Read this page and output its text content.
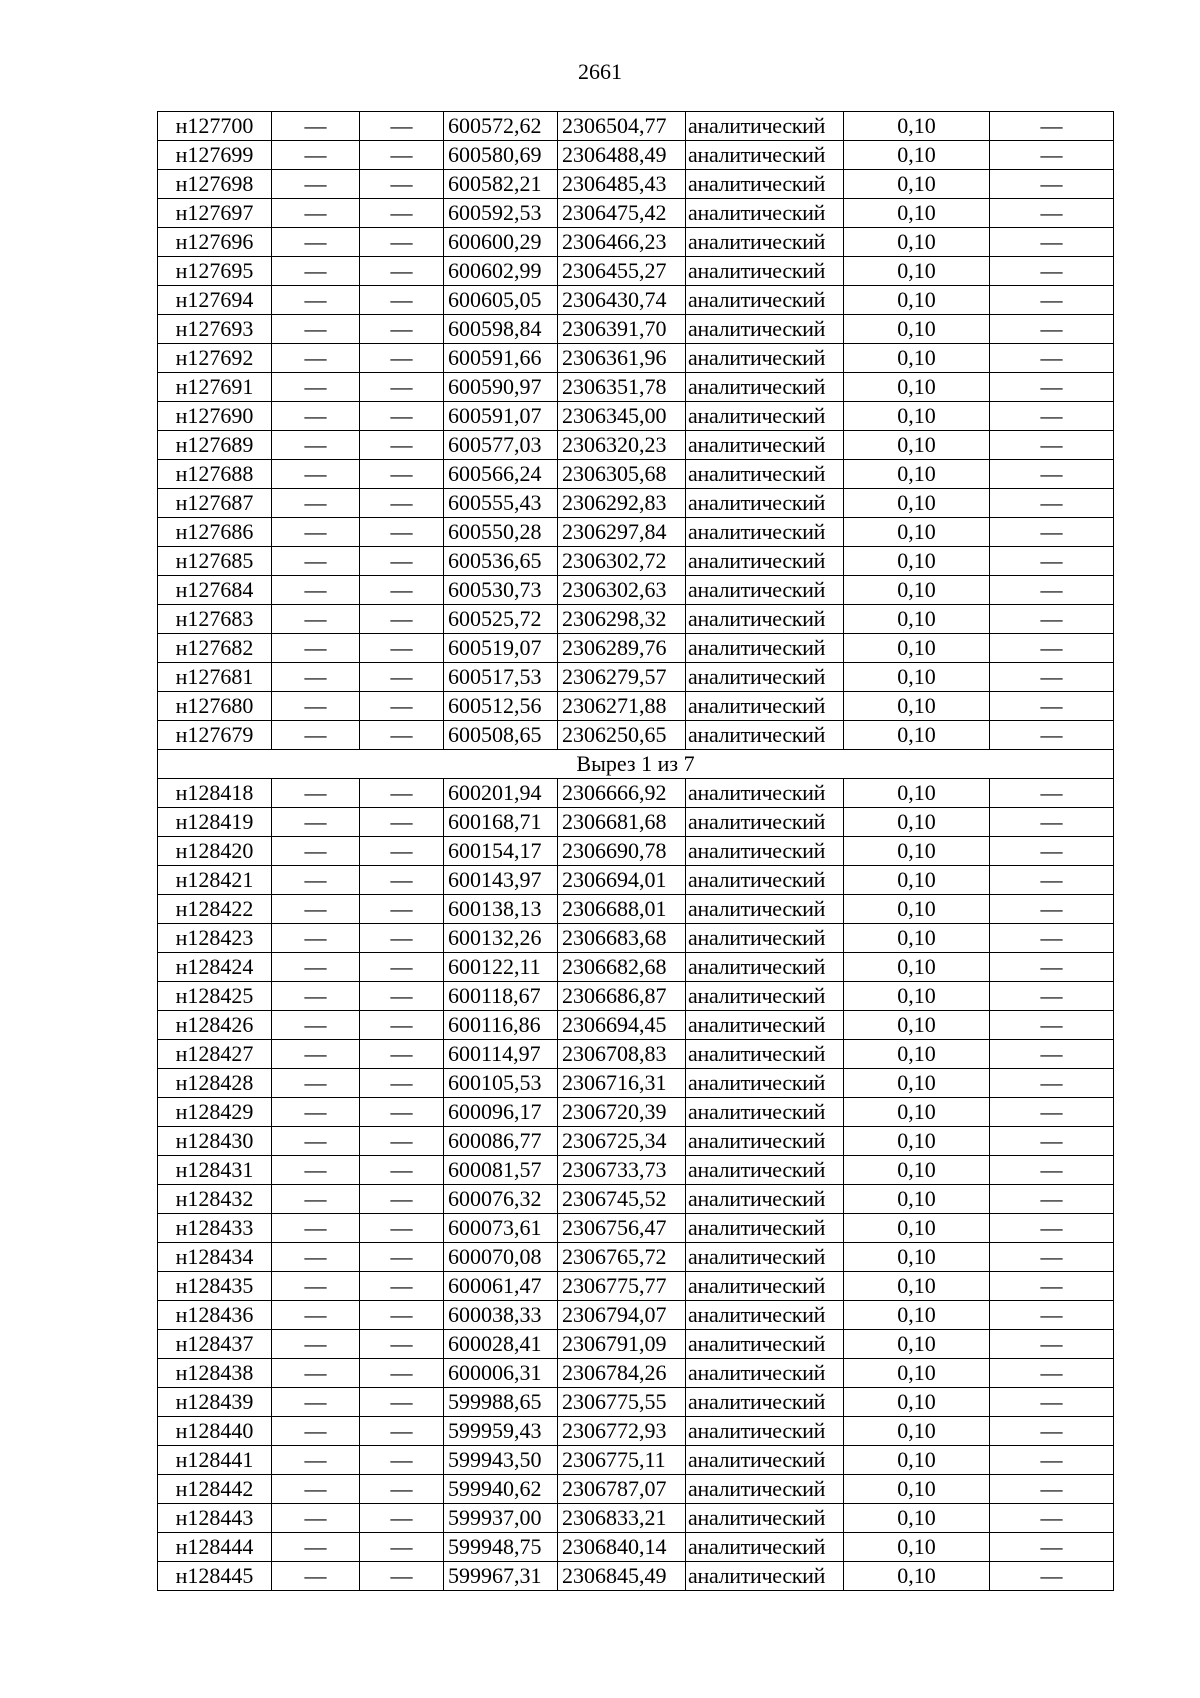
2661
н127700	—	—	600572,62	2306504,77	аналитический	0,10	—
н127699	—	—	600580,69	2306488,49	аналитический	0,10	—
н127698	—	—	600582,21	2306485,43	аналитический	0,10	—
н127697	—	—	600592,53	2306475,42	аналитический	0,10	—
н127696	—	—	600600,29	2306466,23	аналитический	0,10	—
н127695	—	—	600602,99	2306455,27	аналитический	0,10	—
н127694	—	—	600605,05	2306430,74	аналитический	0,10	—
н127693	—	—	600598,84	2306391,70	аналитический	0,10	—
н127692	—	—	600591,66	2306361,96	аналитический	0,10	—
н127691	—	—	600590,97	2306351,78	аналитический	0,10	—
н127690	—	—	600591,07	2306345,00	аналитический	0,10	—
н127689	—	—	600577,03	2306320,23	аналитический	0,10	—
н127688	—	—	600566,24	2306305,68	аналитический	0,10	—
н127687	—	—	600555,43	2306292,83	аналитический	0,10	—
н127686	—	—	600550,28	2306297,84	аналитический	0,10	—
н127685	—	—	600536,65	2306302,72	аналитический	0,10	—
н127684	—	—	600530,73	2306302,63	аналитический	0,10	—
н127683	—	—	600525,72	2306298,32	аналитический	0,10	—
н127682	—	—	600519,07	2306289,76	аналитический	0,10	—
н127681	—	—	600517,53	2306279,57	аналитический	0,10	—
н127680	—	—	600512,56	2306271,88	аналитический	0,10	—
н127679	—	—	600508,65	2306250,65	аналитический	0,10	—
Вырез 1 из 7							
н128418	—	—	600201,94	2306666,92	аналитический	0,10	—
н128419	—	—	600168,71	2306681,68	аналитический	0,10	—
н128420	—	—	600154,17	2306690,78	аналитический	0,10	—
н128421	—	—	600143,97	2306694,01	аналитический	0,10	—
н128422	—	—	600138,13	2306688,01	аналитический	0,10	—
н128423	—	—	600132,26	2306683,68	аналитический	0,10	—
н128424	—	—	600122,11	2306682,68	аналитический	0,10	—
н128425	—	—	600118,67	2306686,87	аналитический	0,10	—
н128426	—	—	600116,86	2306694,45	аналитический	0,10	—
н128427	—	—	600114,97	2306708,83	аналитический	0,10	—
н128428	—	—	600105,53	2306716,31	аналитический	0,10	—
н128429	—	—	600096,17	2306720,39	аналитический	0,10	—
н128430	—	—	600086,77	2306725,34	аналитический	0,10	—
н128431	—	—	600081,57	2306733,73	аналитический	0,10	—
н128432	—	—	600076,32	2306745,52	аналитический	0,10	—
н128433	—	—	600073,61	2306756,47	аналитический	0,10	—
н128434	—	—	600070,08	2306765,72	аналитический	0,10	—
н128435	—	—	600061,47	2306775,77	аналитический	0,10	—
н128436	—	—	600038,33	2306794,07	аналитический	0,10	—
н128437	—	—	600028,41	2306791,09	аналитический	0,10	—
н128438	—	—	600006,31	2306784,26	аналитический	0,10	—
н128439	—	—	599988,65	2306775,55	аналитический	0,10	—
н128440	—	—	599959,43	2306772,93	аналитический	0,10	—
н128441	—	—	599943,50	2306775,11	аналитический	0,10	—
н128442	—	—	599940,62	2306787,07	аналитический	0,10	—
н128443	—	—	599937,00	2306833,21	аналитический	0,10	—
н128444	—	—	599948,75	2306840,14	аналитический	0,10	—
н128445	—	—	599967,31	2306845,49	аналитический	0,10	—
